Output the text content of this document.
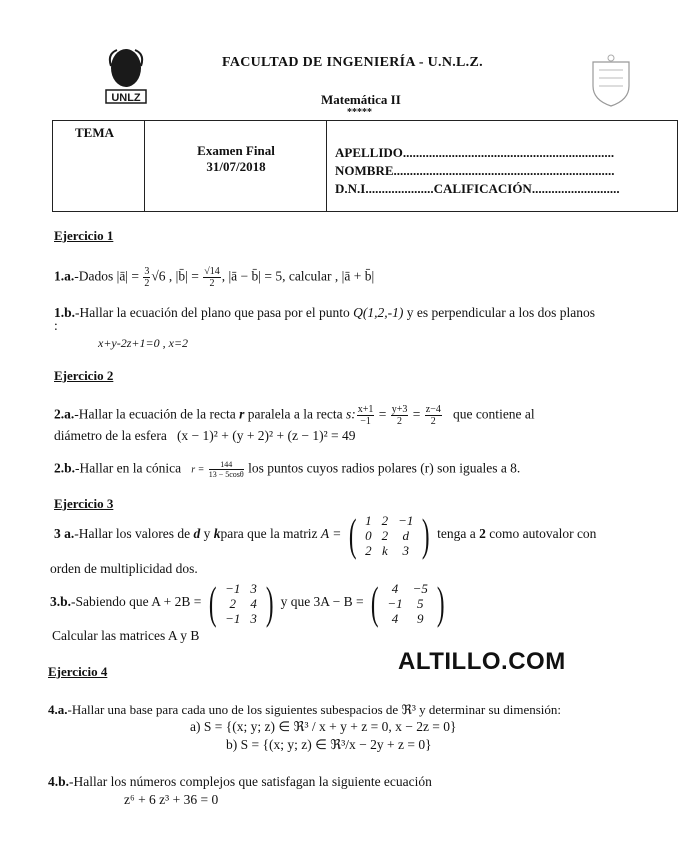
UNLZ
FACULTAD DE INGENIERÍA - U.N.L.Z.
Matemática II
*****
TEMA
Examen Final
31/07/2018
APELLIDO.................................................................
NOMBRE....................................................................
D.N.I.....................CALIFICACIÓN...........................
Ejercicio 1
1.a.-Dados |ā| = $\frac{3}{2} √6$ , |b̄| = $\frac{√14}{2}$ , |ā − b̄| = 5, calcular , |ā + b̄|
1.b.-Hallar la ecuación del plano que pasa por el punto Q(1,2,-1) y es perpendicular a los dos planos
:
x+y-2z+1=0 , x=2
Ejercicio 2
2.a.-Hallar la ecuación de la recta r paralela a la recta s: $\frac{x+1}{-1} = \frac{y+3}{2} = \frac{z-4}{2}$ que contiene al
diámetro de la esfera (x − 1)² + (y + 2)² + (z − 1)² = 49
2.b.-Hallar en la cónica $r = \frac{144}{13 - 5\cos\theta}$ los puntos cuyos radios polares (r) son iguales a 8.
Ejercicio 3
3 a.-Hallar los valores de d y kpara que la matriz A = ( 1	2	−1
0	2	d
2	k	3 ) tenga a 2 como autovalor con
orden de multiplicidad dos.
3.b.-Sabiendo que A + 2B = ( −1	3
2	4
−1	3 ) y que 3A − B = ( 4	−5
−1	5
4	9 )
Calcular las matrices A y B
ALTILLO.COM
Ejercicio 4
4.a.-Hallar una base para cada uno de los siguientes subespacios de ℜ³ y determinar su dimensión:
a) S = {(x; y; z) ∈ ℜ³ / x + y + z = 0, x − 2z = 0}
b) S = {(x; y; z) ∈ ℜ³/x − 2y + z = 0}
4.b.-Hallar los números complejos que satisfagan la siguiente ecuación
z⁶ + 6 z³ + 36 = 0
